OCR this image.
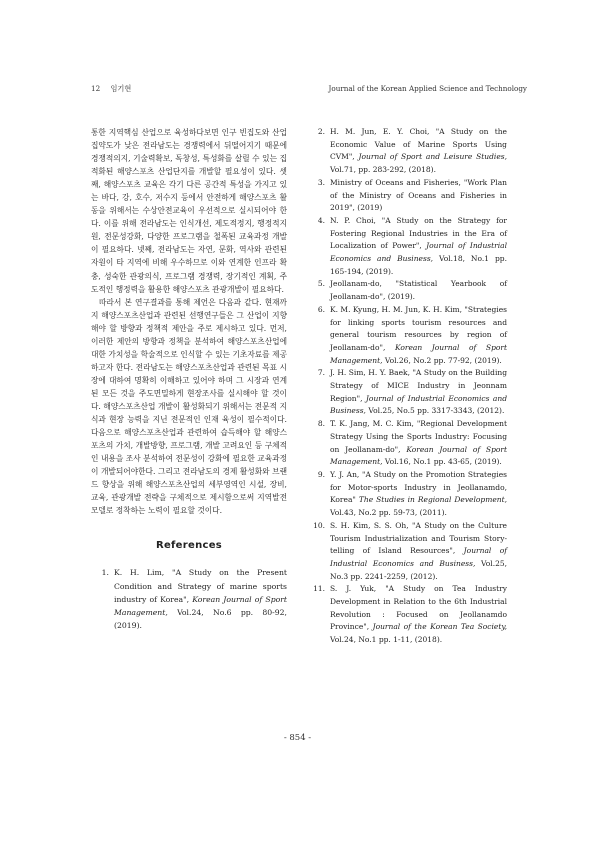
12 임기현	Journal of the Korean Applied Science and Technology

통한 지역핵심 산업으로 육성하다보면 인구 빈집도와 산업집약도가 낮은 전라남도는 경쟁력에서 뒤떨어지기 때문에 경쟁적의지, 기술력확보, 독창성, 특성화를 살릴 수 있는 집적화된 해양스포츠 산업단지를 개발할 필요성이 있다. 셋째, 해양스포츠 교육은 각기 다른 공간적 특성을 가지고 있는 바다, 강, 호수, 저수지 등에서 안전하게 해양스포츠 활동을 위해서는 수상안전교육이 우선적으로 실시되어야 한다. 이를 위해 전라남도는 인식개선, 제도적정지, 행정적지원, 전문성강화, 다양한 프로그램을 철폭된 교육과정 개발이 필요하다. 넷째, 전라남도는 자연, 문화, 역사와 관련된 자원이 타 지역에 비해 우수하므로 이와 연계한 인프라 확충, 성숙한 관광의식, 프로그램 경쟁력, 장기적인 계획, 주도적인 행정력을 활용한 해양스포츠 관광개발이 필요하다.

따라서 본 연구결과를 통해 제언은 다음과 같다. 현재까지 해양스포츠산업과 관련된 선행연구들은 그 산업이 지향해야 할 방향과 정책적 제안을 주로 제시하고 있다. 먼저, 이러한 제안의 방향과 정책을 분석하여 해양스포츠산업에 대한 가치성을 학술적으로 인식할 수 있는 기초자료를 제공하고자 한다. 전라남도는 해양스포츠산업과 관련된 목표 시장에 대하여 명확히 이해하고 있어야 하며 그 시장과 연계된 모든 것을 주도면밀하게 현장조사를 실시해야 할 것이다. 해양스포츠산업 개발이 활성화되기 위해서는 전문적 지식과 현장 능력을 지닌 전문적인 인재 육성이 필수적이다. 다음으로 해양스포츠산업과 관련하여 습득해야 할 해양스포츠의 가치, 개발방향, 프로그램, 개발 고려요인 등 구체적인 내용을 조사 분석하여 전문성이 강화에 필요한 교육과정이 개발되어야한다. 그리고 전라남도의 경제 활성화와 브랜드 향상을 위해 해양스포츠산업의 세부영역인 시설, 장비, 교육, 관광개발 전략을 구체적으로 제시함으로써 지역발전 모델로 정착하는 노력이 필요할 것이다.

References
1. K. H. Lim, "A Study on the Present Condition and Strategy of marine sports industry of Korea", Korean Journal of Sport Management, Vol.24, No.6 pp. 80-92, (2019).
2. H. M. Jun, E. Y. Choi, "A Study on the Economic Value of Marine Sports Using CVM", Journal of Sport and Leisure Studies, Vol.71, pp. 283-292, (2018).
3. Ministry of Oceans and Fisheries, "Work Plan of the Ministry of Oceans and Fisheries in 2019", (2019)
4. N. P. Choi, "A Study on the Strategy for Fostering Regional Industries in the Era of Localization of Power", Journal of Industrial Economics and Business, Vol.18, No.1 pp. 165-194, (2019).
5. Jeollanam-do, "Statistical Yearbook of Jeollanam-do", (2019).
6. K. M. Kyung, H. M. Jun, K. H. Kim, "Strategies for linking sports tourism resources and general tourism resources by region of Jeollanam-do", Korean Journal of Sport Management, Vol.26, No.2 pp. 77-92, (2019).
7. J. H. Sim, H. Y. Baek, "A Study on the Building Strategy of MICE Industry in Jeonnam Region", Journal of Industrial Economics and Business, Vol.25, No.5 pp. 3317-3343, (2012).
8. T. K. Jang, M. C. Kim, "Regional Development Strategy Using the Sports Industry: Focusing on Jeollanam-do", Korean Journal of Sport Management, Vol.16, No.1 pp. 43-65, (2019).
9. Y. J. An, "A Study on the Promotion Strategies for Motor-sports Industry in Jeollanamdo, Korea" The Studies in Regional Development, Vol.43, No.2 pp. 59-73, (2011).
10. S. H. Kim, S. S. Oh, "A Study on the Culture Tourism Industrialization and Tourism Story-telling of Island Resources", Journal of Industrial Economics and Business, Vol.25, No.3 pp. 2241-2259, (2012).
11. S. J. Yuk, "A Study on Tea Industry Development in Relation to the 6th Industrial Revolution : Focused on Jeollanamdo Province", Journal of the Korean Tea Society, Vol.24, No.1 pp. 1-11, (2018).
- 854 -
